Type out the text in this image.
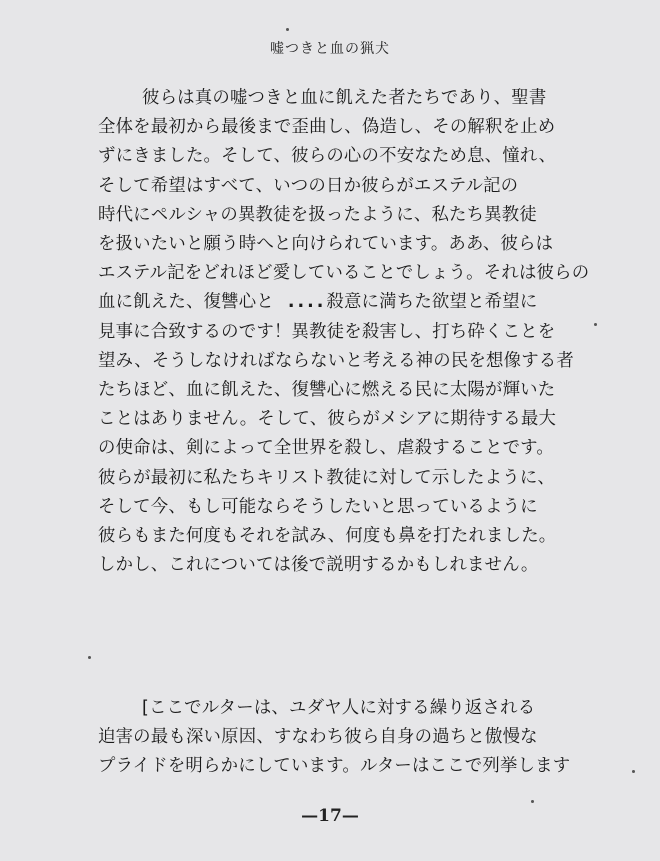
嘘つきと血の猟犬
彼らは真の嘘つきと血に飢えた者たちであり、聖書
全体を最初から最後まで歪曲し、偽造し、その解釈を止め
ずにきました。そして、彼らの心の不安なため息、憧れ、
そして希望はすべて、いつの日か彼らがエステル記の
時代にペルシャの異教徒を扱ったように、私たち異教徒
を扱いたいと願う時へと向けられています。ああ、彼らは
エステル記をどれほど愛していることでしょう。それは彼らの
血に飢えた、復讐心と ....殺意に満ちた欲望と希望に
見事に合致するのです！異教徒を殺害し、打ち砕くことを
望み、そうしなければならないと考える神の民を想像する者
たちほど、血に飢えた、復讐心に燃える民に太陽が輝いた
ことはありません。そして、彼らがメシアに期待する最大
の使命は、剣によって全世界を殺し、虐殺することです。
彼らが最初に私たちキリスト教徒に対して示したように、
そして今、もし可能ならそうしたいと思っているように
彼らもまた何度もそれを試み、何度も鼻を打たれました。
しかし、これについては後で説明するかもしれません。
[ここでルターは、ユダヤ人に対する繰り返される
迫害の最も深い原因、すなわち彼ら自身の過ちと傲慢な
プライドを明らかにしています。ルターはここで列挙します
—17—
